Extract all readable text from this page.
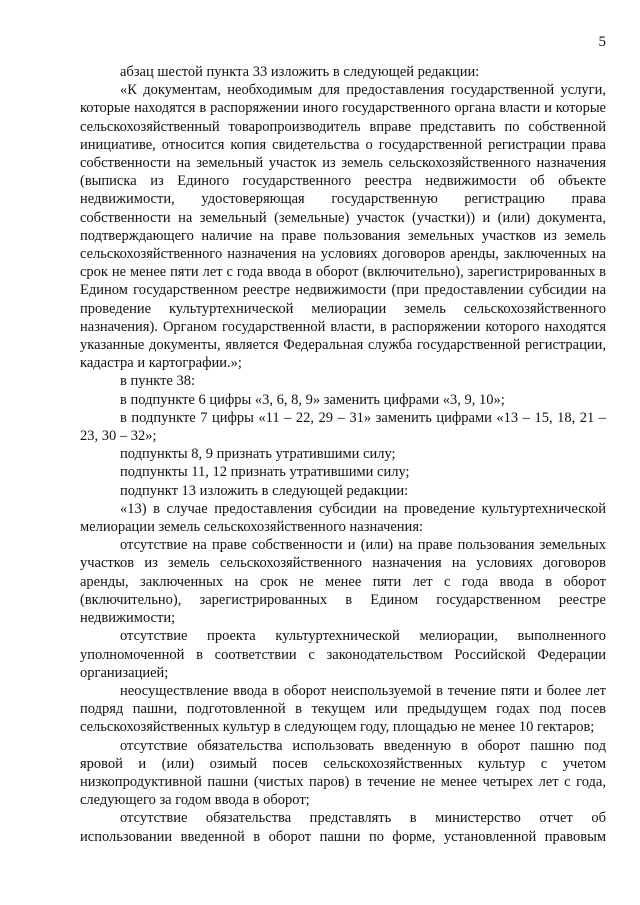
5

абзац шестой пункта 33 изложить в следующей редакции:

«К документам, необходимым для предоставления государственной услуги, которые находятся в распоряжении иного государственного органа власти и которые сельскохозяйственный товаропроизводитель вправе представить по собственной инициативе, относится копия свидетельства о государственной регистрации права собственности на земельный участок из земель сельскохозяйственного назначения (выписка из Единого государственного реестра недвижимости об объекте недвижимости, удостоверяющая государственную регистрацию права собственности на земельный (земельные) участок (участки)) и (или) документа, подтверждающего наличие на праве пользования земельных участков из земель сельскохозяйственного назначения на условиях договоров аренды, заключенных на срок не менее пяти лет с года ввода в оборот (включительно), зарегистрированных в Едином государственном реестре недвижимости (при предоставлении субсидии на проведение культуртехнической мелиорации земель сельскохозяйственного назначения). Органом государственной власти, в распоряжении которого находятся указанные документы, является Федеральная служба государственной регистрации, кадастра и картографии.»;

в пункте 38:

в подпункте 6 цифры «3, 6, 8, 9» заменить цифрами «3, 9, 10»;

в подпункте 7 цифры «11 – 22, 29 – 31» заменить цифрами «13 – 15, 18, 21 – 23, 30 – 32»;

подпункты 8, 9 признать утратившими силу;

подпункты 11, 12 признать утратившими силу;

подпункт 13 изложить в следующей редакции:

«13) в случае предоставления субсидии на проведение культуртехнической мелиорации земель сельскохозяйственного назначения:

отсутствие на праве собственности и (или) на праве пользования земельных участков из земель сельскохозяйственного назначения на условиях договоров аренды, заключенных на срок не менее пяти лет с года ввода в оборот (включительно), зарегистрированных в Едином государственном реестре недвижимости;

отсутствие проекта культуртехнической мелиорации, выполненного уполномоченной в соответствии с законодательством Российской Федерации организацией;

неосуществление ввода в оборот неиспользуемой в течение пяти и более лет подряд пашни, подготовленной в текущем или предыдущем годах под посев сельскохозяйственных культур в следующем году, площадью не менее 10 гектаров;

отсутствие обязательства использовать введенную в оборот пашню под яровой и (или) озимый посев сельскохозяйственных культур с учетом низкопродуктивной пашни (чистых паров) в течение не менее четырех лет с года, следующего за годом ввода в оборот;

отсутствие обязательства представлять в министерство отчет об использовании введенной в оборот пашни по форме, установленной правовым
